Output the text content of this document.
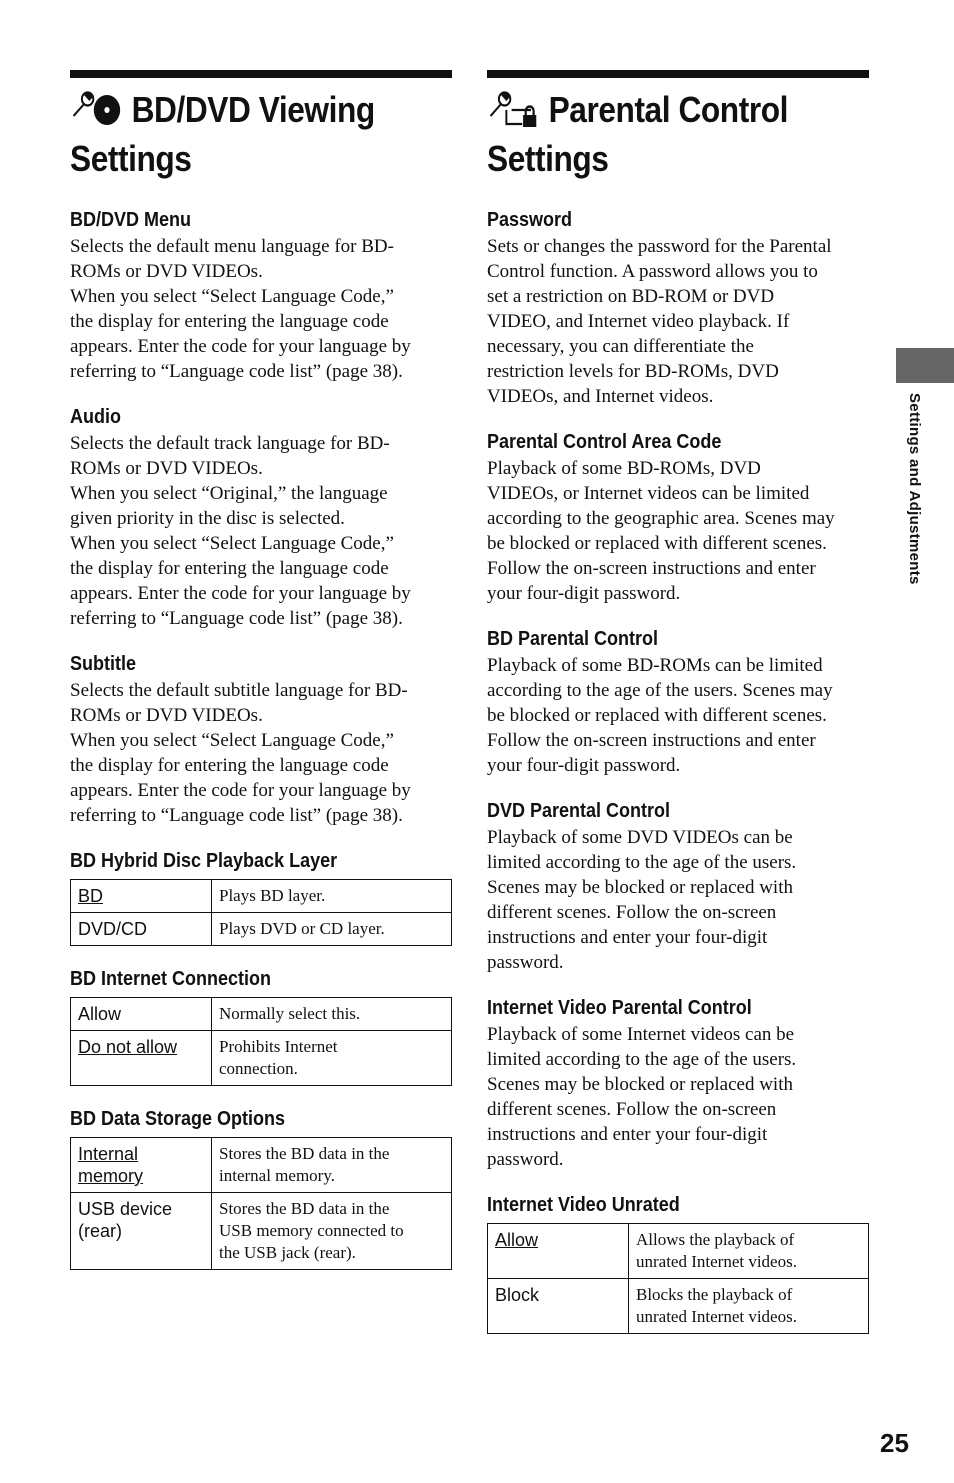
BD/DVD Viewing
Settings
BD/DVD Menu
Selects the default menu language for BD-
ROMs or DVD VIDEOs.
When you select “Select Language Code,”
the display for entering the language code
appears. Enter the code for your language by
referring to “Language code list” (page 38).
Audio
Selects the default track language for BD-
ROMs or DVD VIDEOs.
When you select “Original,” the language
given priority in the disc is selected.
When you select “Select Language Code,”
the display for entering the language code
appears. Enter the code for your language by
referring to “Language code list” (page 38).
Subtitle
Selects the default subtitle language for BD-
ROMs or DVD VIDEOs.
When you select “Select Language Code,”
the display for entering the language code
appears. Enter the code for your language by
referring to “Language code list” (page 38).
BD Hybrid Disc Playback Layer
BD	Plays BD layer.
DVD/CD	Plays DVD or CD layer.
BD Internet Connection
Allow	Normally select this.
Do not allow	Prohibits Internet
connection.
BD Data Storage Options
Internal
memory	Stores the BD data in the
internal memory.
USB device
(rear)	Stores the BD data in the
USB memory connected to
the USB jack (rear).
Parental Control
Settings
Password
Sets or changes the password for the Parental
Control function. A password allows you to
set a restriction on BD-ROM or DVD
VIDEO, and Internet video playback. If
necessary, you can differentiate the
restriction levels for BD-ROMs, DVD
VIDEOs, and Internet videos.
Parental Control Area Code
Playback of some BD-ROMs, DVD
VIDEOs, or Internet videos can be limited
according to the geographic area. Scenes may
be blocked or replaced with different scenes.
Follow the on-screen instructions and enter
your four-digit password.
BD Parental Control
Playback of some BD-ROMs can be limited
according to the age of the users. Scenes may
be blocked or replaced with different scenes.
Follow the on-screen instructions and enter
your four-digit password.
DVD Parental Control
Playback of some DVD VIDEOs can be
limited according to the age of the users.
Scenes may be blocked or replaced with
different scenes. Follow the on-screen
instructions and enter your four-digit
password.
Internet Video Parental Control
Playback of some Internet videos can be
limited according to the age of the users.
Scenes may be blocked or replaced with
different scenes. Follow the on-screen
instructions and enter your four-digit
password.
Internet Video Unrated
Allow	Allows the playback of
unrated Internet videos.
Block	Blocks the playback of
unrated Internet videos.
Settings and Adjustments
25
